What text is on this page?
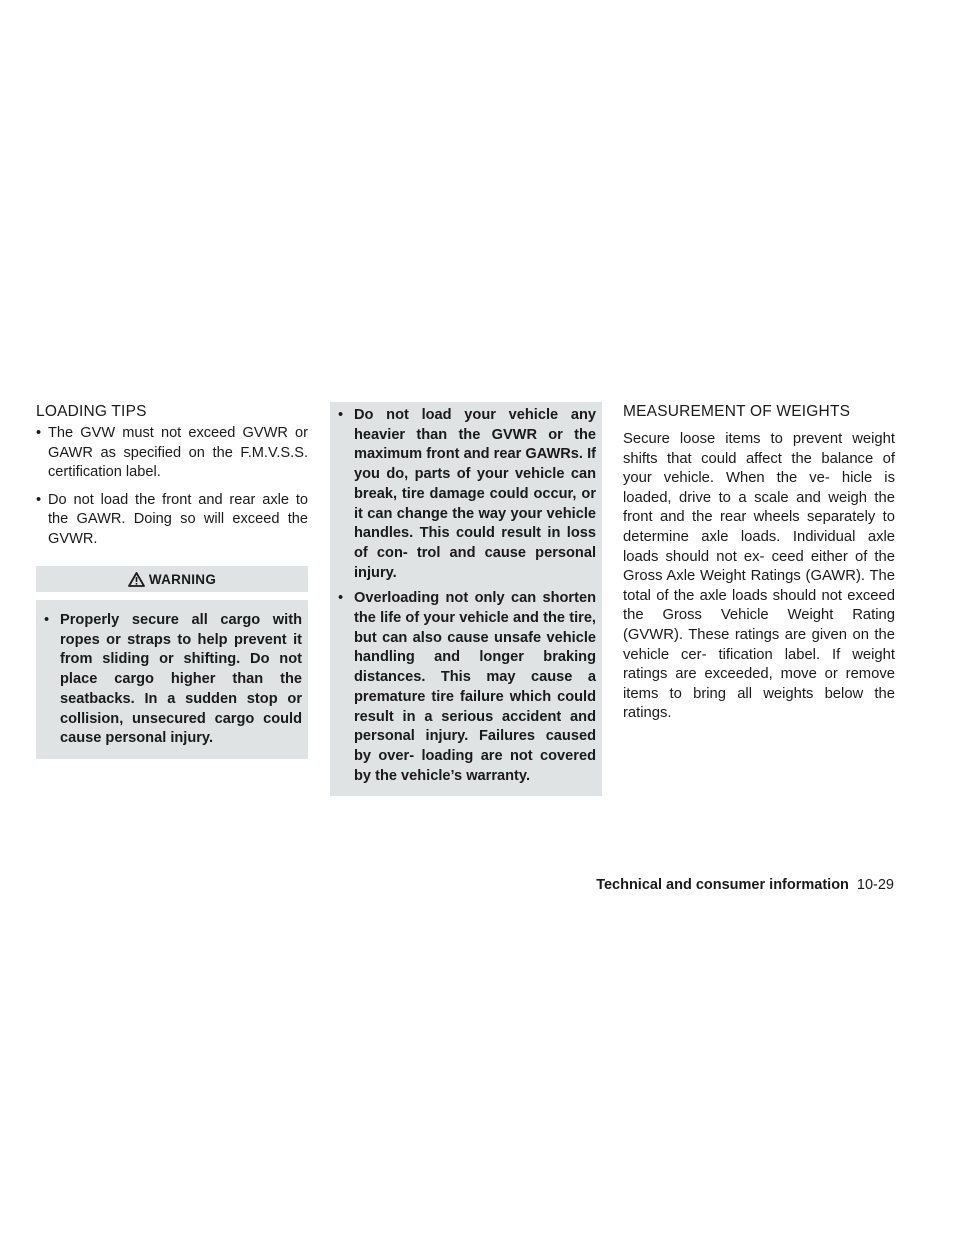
LOADING TIPS
• The GVW must not exceed GVWR or GAWR as specified on the F.M.V.S.S. certification label.
• Do not load the front and rear axle to the GAWR. Doing so will exceed the GVWR.
WARNING
• Properly secure all cargo with ropes or straps to help prevent it from sliding or shifting. Do not place cargo higher than the seatbacks. In a sudden stop or collision, unsecured cargo could cause personal injury.
• Do not load your vehicle any heavier than the GVWR or the maximum front and rear GAWRs. If you do, parts of your vehicle can break, tire damage could occur, or it can change the way your vehicle handles. This could result in loss of con- trol and cause personal injury.
• Overloading not only can shorten the life of your vehicle and the tire, but can also cause unsafe vehicle handling and longer braking distances. This may cause a premature tire failure which could result in a serious accident and personal injury. Failures caused by over- loading are not covered by the vehicle’s warranty.
MEASUREMENT OF WEIGHTS

Secure loose items to prevent weight shifts that could affect the balance of your vehicle. When the ve- hicle is loaded, drive to a scale and weigh the front and the rear wheels separately to determine axle loads. Individual axle loads should not ex- ceed either of the Gross Axle Weight Ratings (GAWR). The total of the axle loads should not exceed the Gross Vehicle Weight Rating (GVWR). These ratings are given on the vehicle cer- tification label. If weight ratings are exceeded, move or remove items to bring all weights below the ratings.

Technical and consumer information 10-29
